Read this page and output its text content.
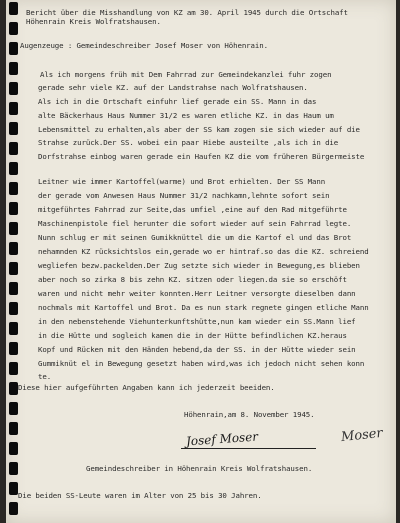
Bericht über die Misshandlung von KZ am 30. April 1945 durch die Ortschaft
Höhenrain Kreis Wolfratshausen.
Augenzeuge : Gemeindeschreiber Josef Moser von Höhenrain.
Als ich morgens früh mit Dem Fahrrad zur Gemeindekanzlei fuhr zogen
gerade sehr viele KZ. auf der Landstrahse nach Wolfratshausen.
Als ich in die Ortschaft einfuhr lief gerade ein SS. Mann in das
alte Bäckerhaus Haus Nummer 31/2 es waren etliche KZ. in das Haum um
Lebensmittel zu erhalten,als aber der SS kam zogen sie sich wieder auf die
Strahse zurück.Der SS. wobei ein paar Hiebe austeilte ,als ich in die
Dorfstrahse einbog waren gerade ein Haufen KZ die vom früheren Bürgermeiste
Leitner wie immer Kartoffel(warme) und Brot erhielten. Der SS Mann
der gerade vom Anwesen Haus Nummer 31/2 nachkamn,lehnte sofort sein
mitgeführtes Fahrrad zur Seite,das umfiel ,eine auf den Rad mitgeführte
Maschinenpistole fiel herunter die sofort wieder auf sein Fahrrad legte.
Nunn schlug er mit seinen Gumikknüttel die um die Kartof el und das Brot
nehamnden KZ rücksichtslos ein,gerade wo er hintraf.so das die KZ. schreiend
wegliefen bezw.packelden.Der Zug setzte sich wieder in Bewegung,es blieben
aber noch so zirka 8 bis zehn KZ. sitzen oder liegen.da sie so erschöft
waren und nicht mehr weiter konnten.Herr Leitner versorgte dieselben dann
nochmals mit Kartoffel und Brot. Da es nun stark regnete gingen etliche Mann
in den nebenstehende Viehunterkunftshütte,nun kam wieder ein SS.Mann lief
in die Hütte und sogleich kamen die in der Hütte befindlichen KZ.heraus
Kopf und Rücken mit den Händen hebend,da der SS. in der Hütte wieder sein
Gummiknüt el in Bewegung gesetzt haben wird,was ich jedoch nicht sehen konn
te.
Diese hier aufgeführten Angaben kann ich jederzeit beeiden.
Höhenrain,am 8. November 1945.
Gemeindeschreiber in Höhenrain Kreis Wolfratshausen.
Die beiden SS-Leute waren im Alter von 25 bis 30 Jahren.
Josef Moser	Moser
